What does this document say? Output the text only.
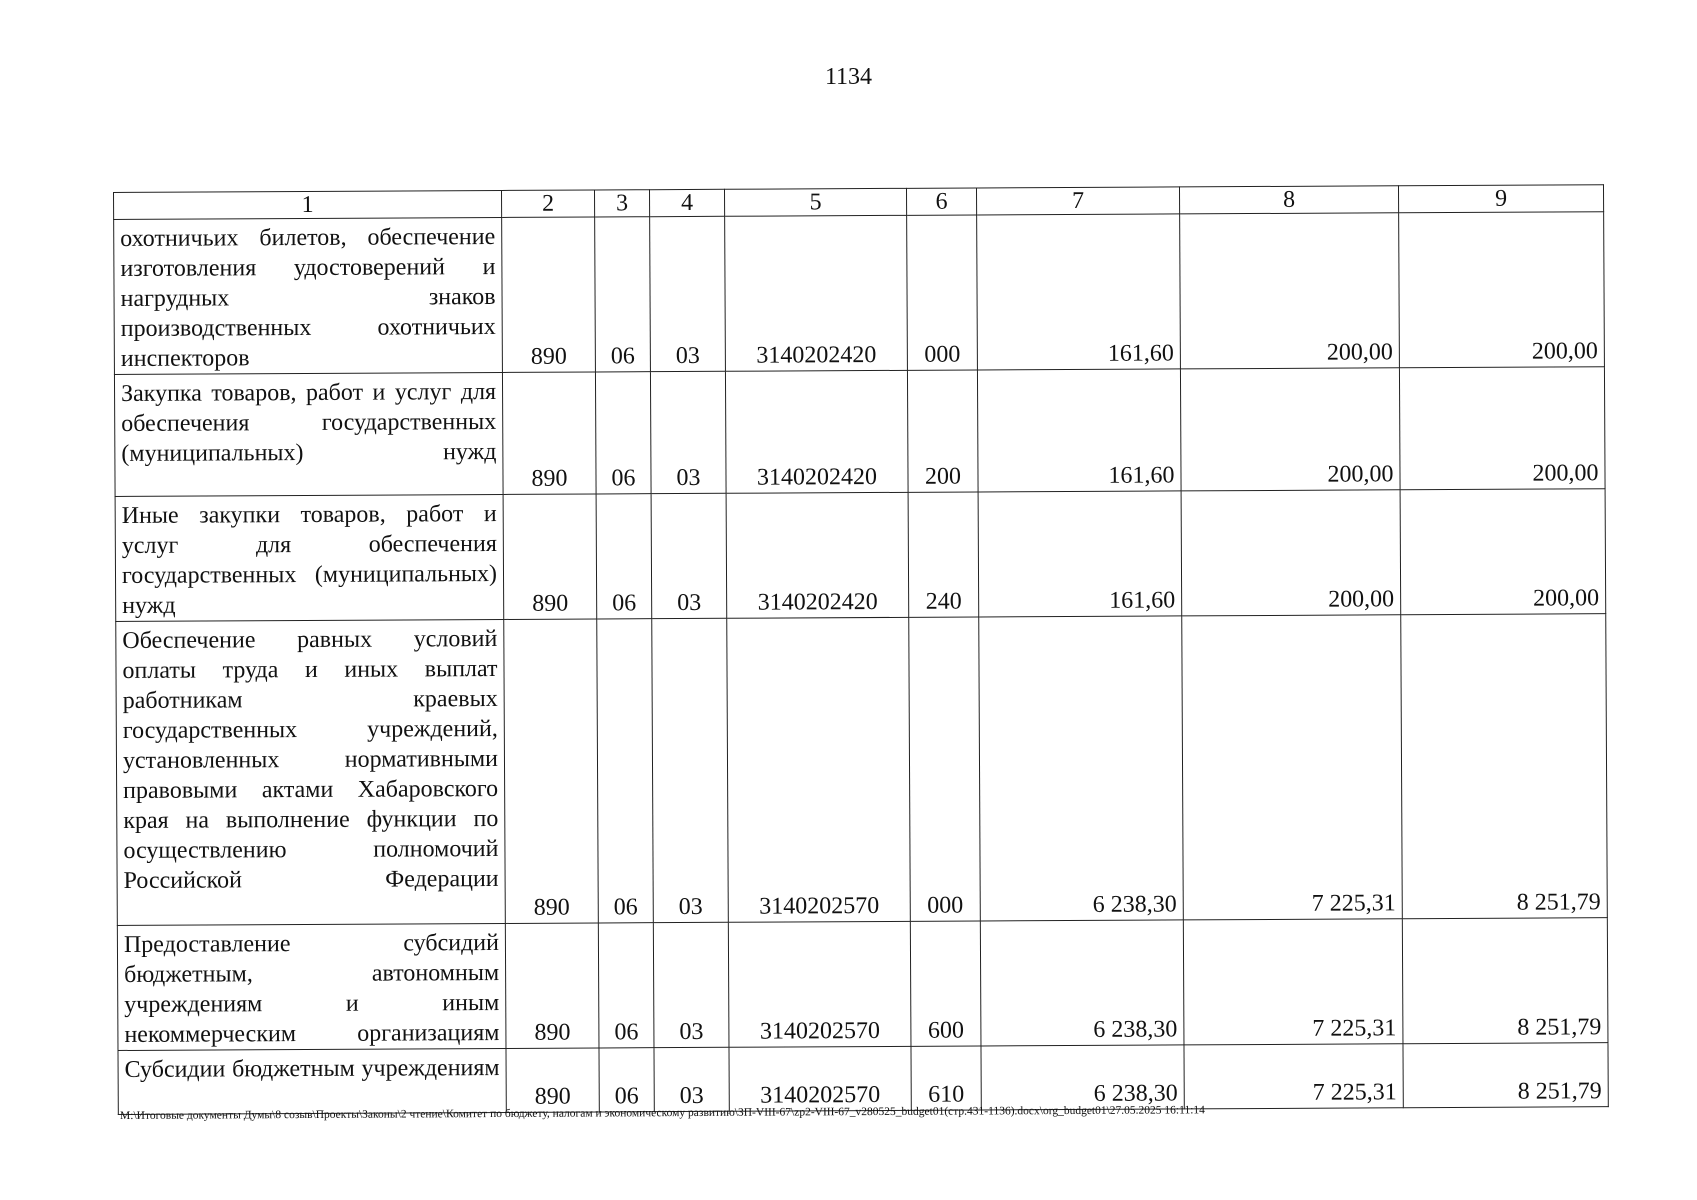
1134
1	2	3	4	5	6	7	8	9
охотничьих билетов, обеспечение изготовления удостоверений и нагрудных знаков производственных охотничьих инспекторов	890	06	03	3140202420	000	161,60	200,00	200,00
Закупка товаров, работ и услуг для обеспечения государственных (муниципальных) нужд	890	06	03	3140202420	200	161,60	200,00	200,00
Иные закупки товаров, работ и услуг для обеспечения государственных (муниципальных) нужд	890	06	03	3140202420	240	161,60	200,00	200,00
Обеспечение равных условий оплаты труда и иных выплат работникам краевых государственных учреждений, установленных нормативными правовыми актами Хабаровского края на выполнение функции по осуществлению полномочий Российской Федерации	890	06	03	3140202570	000	6 238,30	7 225,31	8 251,79
Предоставление субсидий бюджетным, автономным учреждениям и иным некоммерческим организациям	890	06	03	3140202570	600	6 238,30	7 225,31	8 251,79
Субсидии бюджетным учреждениям	890	06	03	3140202570	610	6 238,30	7 225,31	8 251,79
M:\Итоговые документы Думы\8 созыв\Проекты\Законы\2 чтение\Комитет по бюджету, налогам и экономическому развитию\ЗП-VIII-67\zp2-VIII-67_v280525_budget01(стр.431-1136).docx\org_budget01\27.05.2025 16:11:14
